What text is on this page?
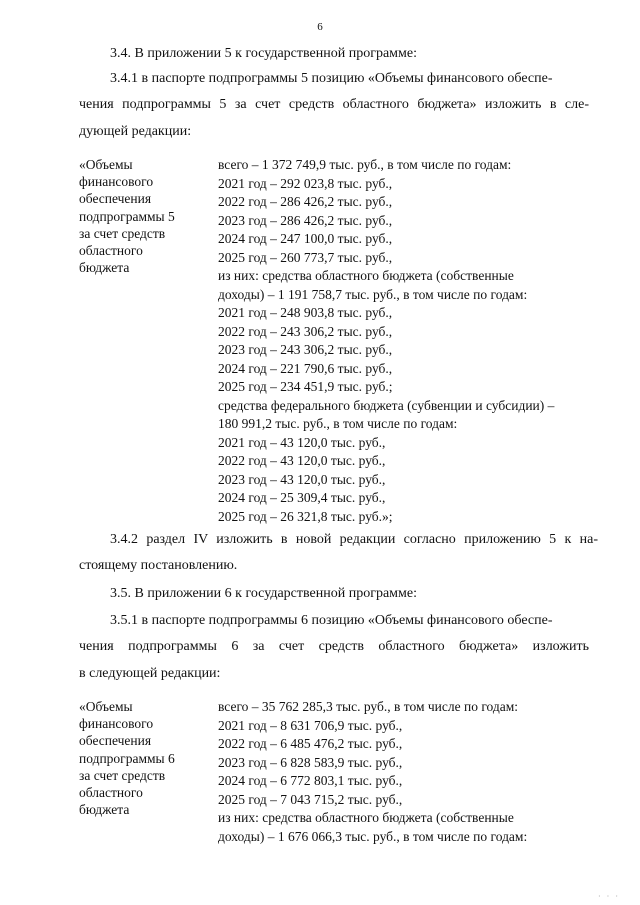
6
3.4. В приложении 5 к государственной программе:
3.4.1 в паспорте подпрограммы 5 позицию «Объемы финансового обеспе-
чения подпрограммы 5 за счет средств областного бюджета» изложить в сле-
дующей редакции:
«Объемы
финансового
обеспечения
подпрограммы 5
за счет средств
областного
бюджета
всего – 1 372 749,9 тыс. руб., в том числе по годам:
2021 год – 292 023,8 тыс. руб.,
2022 год – 286 426,2 тыс. руб.,
2023 год – 286 426,2 тыс. руб.,
2024 год – 247 100,0 тыс. руб.,
2025 год – 260 773,7 тыс. руб.,
из них: средства областного бюджета (собственные
доходы) – 1 191 758,7 тыс. руб., в том числе по годам:
2021 год – 248 903,8 тыс. руб.,
2022 год – 243 306,2 тыс. руб.,
2023 год – 243 306,2 тыс. руб.,
2024 год – 221 790,6 тыс. руб.,
2025 год – 234 451,9 тыс. руб.;
средства федерального бюджета (субвенции и субсидии) –
180 991,2 тыс. руб., в том числе по годам:
2021 год – 43 120,0 тыс. руб.,
2022 год – 43 120,0 тыс. руб.,
2023 год – 43 120,0 тыс. руб.,
2024 год – 25 309,4 тыс. руб.,
2025 год – 26 321,8 тыс. руб.»;
3.4.2 раздел IV изложить в новой редакции согласно приложению 5 к на-
стоящему постановлению.
3.5. В приложении 6 к государственной программе:
3.5.1 в паспорте подпрограммы 6 позицию «Объемы финансового обеспе-
чения подпрограммы 6 за счет средств областного бюджета» изложить
в следующей редакции:
«Объемы
финансового
обеспечения
подпрограммы 6
за счет средств
областного
бюджета
всего – 35 762 285,3 тыс. руб., в том числе по годам:
2021 год – 8 631 706,9 тыс. руб.,
2022 год – 6 485 476,2 тыс. руб.,
2023 год – 6 828 583,9 тыс. руб.,
2024 год – 6 772 803,1 тыс. руб.,
2025 год – 7 043 715,2 тыс. руб.,
из них: средства областного бюджета (собственные
доходы) – 1 676 066,3 тыс. руб., в том числе по годам:
· · ·
